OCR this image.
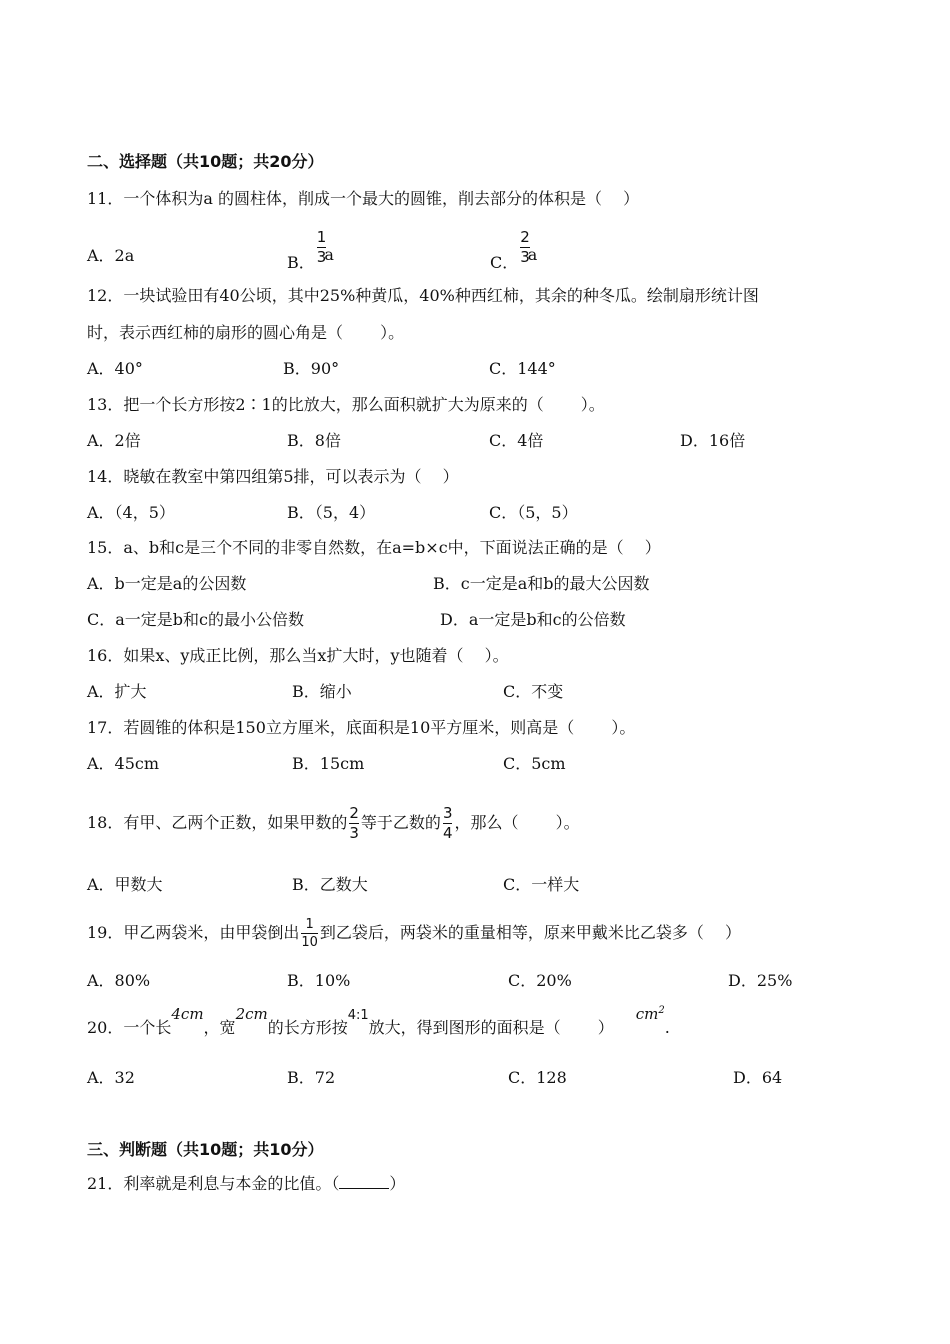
二、选择题（共10题；共20分）
11．一个体积为a 的圆柱体，削成一个最大的圆锥，削去部分的体积是（　 ）
A．2a	B． $\frac{1}{3}$
a	C． $\frac{2}{3}$
a
12．一块试验田有40公顷，其中25%种黄瓜，40%种西红柿，其余的种冬瓜。绘制扇形统计图
时，表示西红柿的扇形的圆心角是（　　 ）。
A．40°	B．90°	C．144°
13．把一个长方形按2∶1的比放大，那么面积就扩大为原来的（　　 ）。
A．2倍	B．8倍	C．4倍	D．16倍
14．晓敏在教室中第四组第5排，可以表示为（　 ）
A．（4，5）	B．（5，4）	C．（5，5）
15．a、b和c是三个不同的非零自然数，在a=b×c中，下面说法正确的是（　 ）
A．b一定是a的公因数	B．c一定是a和b的最大公因数
C．a一定是b和c的最小公倍数	D．a一定是b和c的公倍数
16．如果x、y成正比例，那么当x扩大时，y也随着（　 ）。
A．扩大	B．缩小	C．不变
17．若圆锥的体积是150立方厘米，底面积是10平方厘米，则高是（　　 ）。
A．45cm	B．15cm	C．5cm
18．有甲、乙两个正数，如果甲数的 $\frac{2}{3}$ 等于乙数的 $\frac{3}{4}$ ，那么（　　 ）。
A．甲数大	B．乙数大	C．一样大
19．甲乙两袋米，由甲袋倒出 $\frac{1}{10}$ 到乙袋后，两袋米的重量相等，原来甲戴米比乙袋多（　 ）
A．80%	B．10%	C．20%	D．25%
20．一个长4cm，宽2cm的长方形按$^{4:1}$放大，得到图形的面积是（　　 ）$cm^2$.
A．32	B．72	C．128	D．64
三、判断题（共10题；共10分）
21．利率就是利息与本金的比值。（	）
